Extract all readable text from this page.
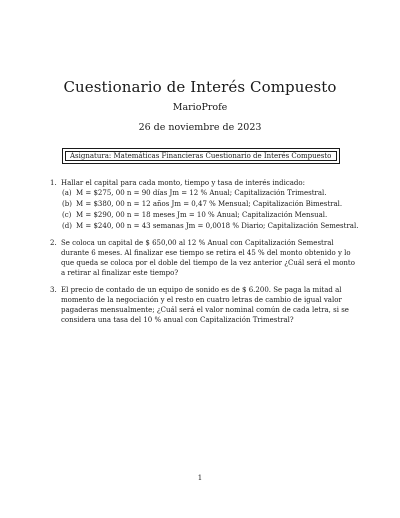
Cuestionario de Interés Compuesto
MarioProfe
26 de noviembre de 2023
Asignatura: Matemáticas Financieras Cuestionario de Interés Compuesto
1. Hallar el capital para cada monto, tiempo y tasa de interés indicado:
(a) M = $275, 00 n = 90 días Jm = 12 % Anual; Capitalización Trimestral.
(b) M = $380, 00 n = 12 años Jm = 0,47 % Mensual; Capitalización Bimestral.
(c) M = $290, 00 n = 18 meses Jm = 10 % Anual; Capitalización Mensual.
(d) M = $240, 00 n = 43 semanas Jm = 0,0018 % Diario; Capitalización Semestral.
2. Se coloca un capital de $ 650,00 al 12 % Anual con Capitalización Semestral durante 6 meses. Al finalizar ese tiempo se retira el 45 % del monto obtenido y lo que queda se coloca por el doble del tiempo de la vez anterior ¿Cuál será el monto a retirar al finalizar este tiempo?
3. El precio de contado de un equipo de sonido es de $ 6.200. Se paga la mitad al momento de la negociación y el resto en cuatro letras de cambio de igual valor pagaderas mensualmente; ¿Cuál será el valor nominal común de cada letra, si se considera una tasa del 10 % anual con Capitalización Trimestral?
1
